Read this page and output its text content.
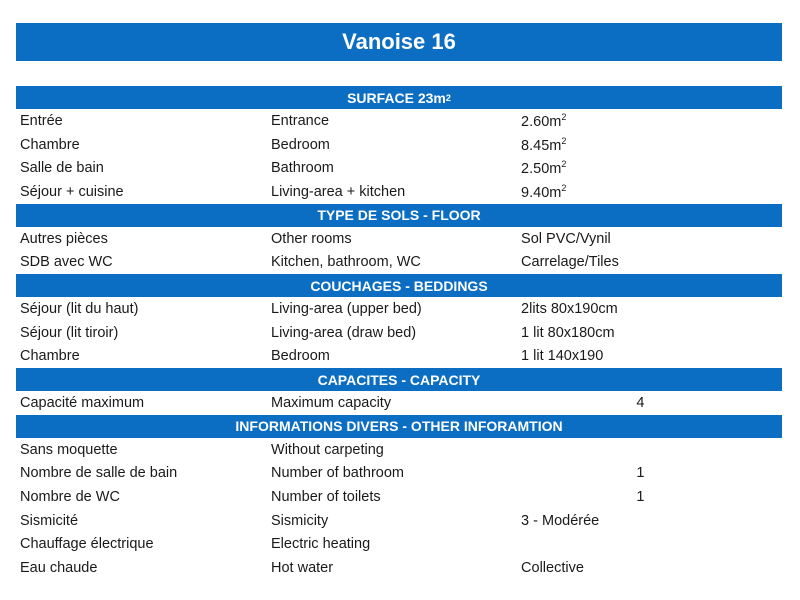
Vanoise 16
SURFACE 23m 2
Entrée	Entrance	$2.60m^2$
Chambre	Bedroom	$8.45m^2$
Salle de bain	Bathroom	$2.50m^2$
Séjour + cuisine	Living-area + kitchen	$9.40m^2$
TYPE DE SOLS - FLOOR
Autres pièces	Other rooms	Sol PVC/Vynil
SDB avec WC	Kitchen, bathroom, WC	Carrelage/Tiles
COUCHAGES - BEDDINGS
Séjour (lit du haut)	Living-area (upper bed)	2lits 80x190cm
Séjour (lit tiroir)	Living-area (draw bed)	1 lit 80x180cm
Chambre	Bedroom	1 lit 140x190
CAPACITES - CAPACITY
Capacité maximum	Maximum capacity	4
INFORMATIONS DIVERS - OTHER INFORAMTION
Sans moquette	Without carpeting
Nombre de salle de bain	Number of bathroom	1
Nombre de WC	Number of toilets	1
Sismicité	Sismicity	3 - Modérée
Chauffage électrique	Electric heating
Eau chaude	Hot water	Collective
